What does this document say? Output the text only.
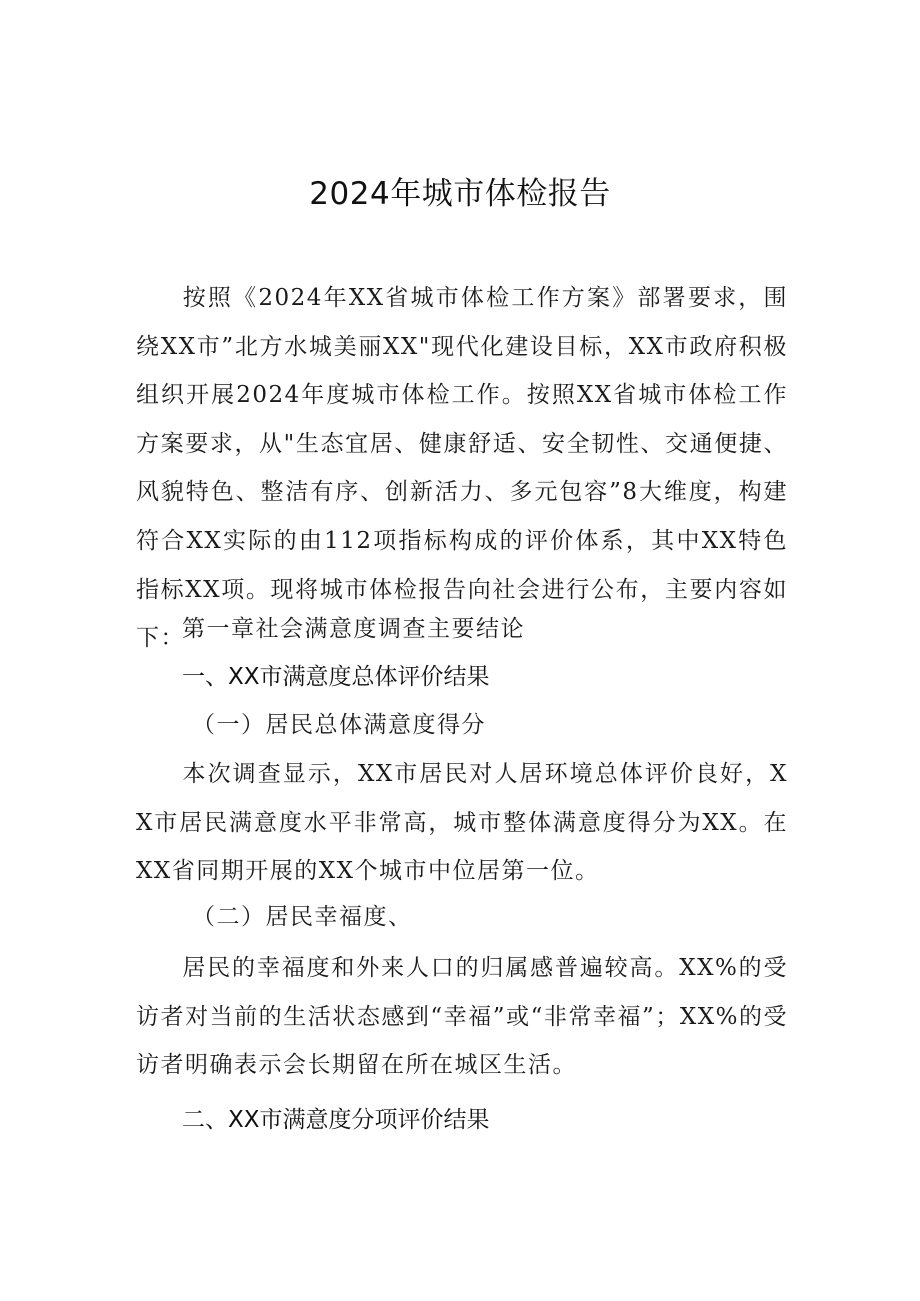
2024年城市体检报告
按照《2024年XX省城市体检工作方案》部署要求，围绕XX市”北方水城美丽XX"现代化建设目标，XX市政府积极组织开展2024年度城市体检工作。按照XX省城市体检工作方案要求，从"生态宜居、健康舒适、安全韧性、交通便捷、风貌特色、整洁有序、创新活力、多元包容”8大维度，构建符合XX实际的由112项指标构成的评价体系，其中XX特色指标XX项。现将城市体检报告向社会进行公布，主要内容如下：
第一章社会满意度调查主要结论
一、XX市满意度总体评价结果
（一）居民总体满意度得分
本次调查显示，XX市居民对人居环境总体评价良好，XX市居民满意度水平非常高，城市整体满意度得分为XX。在XX省同期开展的XX个城市中位居第一位。
（二）居民幸福度、
居民的幸福度和外来人口的归属感普遍较高。XX%的受访者对当前的生活状态感到“幸福”或“非常幸福”；XX%的受访者明确表示会长期留在所在城区生活。
二、XX市满意度分项评价结果
